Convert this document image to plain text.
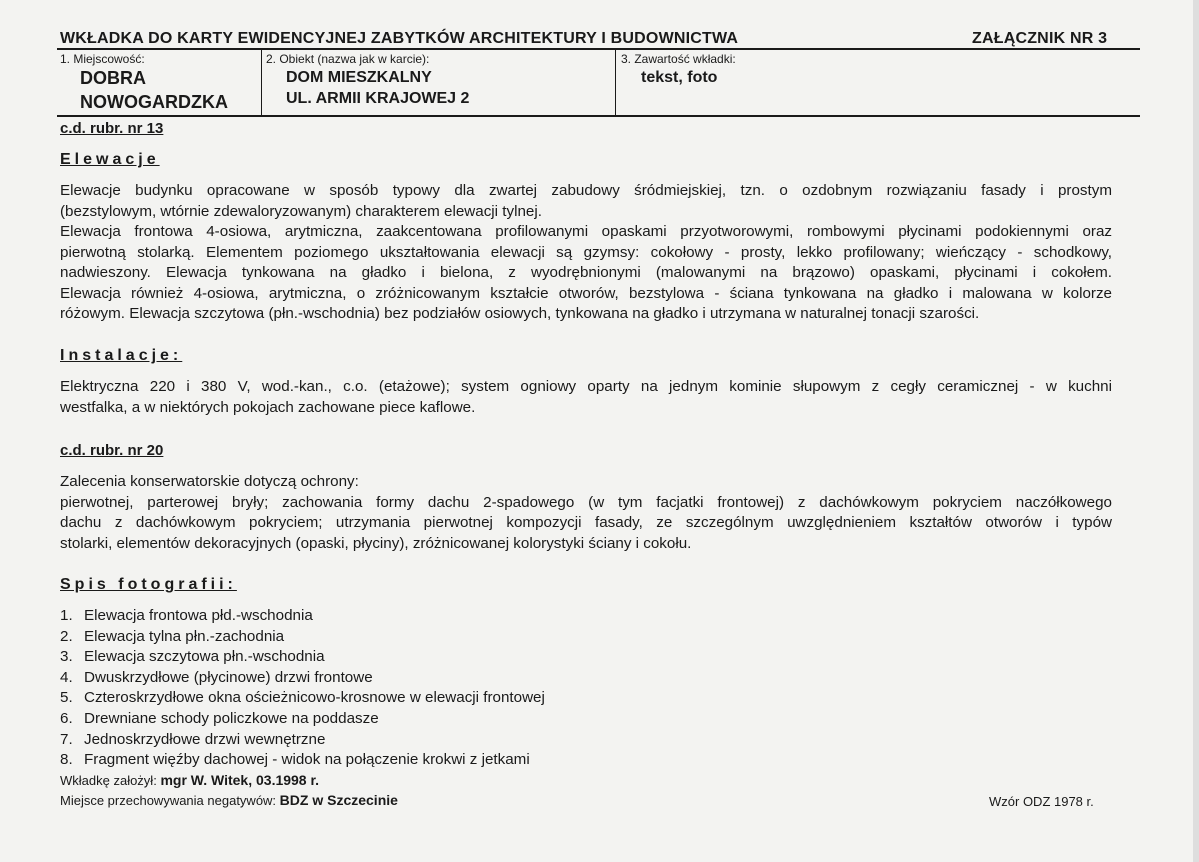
WKŁADKA DO KARTY EWIDENCYJNEJ ZABYTKÓW ARCHITEKTURY I BUDOWNICTWA	ZAŁĄCZNIK NR 3
1. Miejscowość:
DOBRA
NOWOGARDZKA
2. Obiekt (nazwa jak w karcie):
DOM MIESZKALNY
UL. ARMII KRAJOWEJ 2
3. Zawartość wkładki:
tekst, foto
c.d. rubr. nr 13
Elewacje
Elewacje budynku opracowane w sposób typowy dla zwartej zabudowy śródmiejskiej, tzn. o ozdobnym rozwiązaniu fasady i prostym
(bezstylowym, wtórnie zdewaloryzowanym) charakterem elewacji tylnej.
Elewacja frontowa 4-osiowa, arytmiczna, zaakcentowana profilowanymi opaskami przyotworowymi, rombowymi płycinami podokiennymi oraz
pierwotną stolarką. Elementem poziomego ukształtowania elewacji są gzymsy: cokołowy - prosty, lekko profilowany; wieńczący - schodkowy,
nadwieszony. Elewacja tynkowana na gładko i bielona, z wyodrębnionymi (malowanymi na brązowo) opaskami, płycinami i cokołem.
Elewacja również 4-osiowa, arytmiczna, o zróżnicowanym kształcie otworów, bezstylowa - ściana tynkowana na gładko i malowana w kolorze
różowym. Elewacja szczytowa (płn.-wschodnia) bez podziałów osiowych, tynkowana na gładko i utrzymana w naturalnej tonacji szarości.
Instalacje:
Elektryczna 220 i 380 V, wod.-kan., c.o. (etażowe); system ogniowy oparty na jednym kominie słupowym z cegły ceramicznej - w kuchni
westfalka, a w niektórych pokojach zachowane piece kaflowe.
c.d. rubr. nr 20
Zalecenia konserwatorskie dotyczą ochrony:
pierwotnej, parterowej bryły; zachowania formy dachu 2-spadowego (w tym facjatki frontowej) z dachówkowym pokryciem naczółkowego
dachu z dachówkowym pokryciem; utrzymania pierwotnej kompozycji fasady, ze szczególnym uwzględnieniem kształtów otworów i typów
stolarki, elementów dekoracyjnych (opaski, płyciny), zróżnicowanej kolorystyki ściany i cokołu.
Spis fotografii:
1. Elewacja frontowa płd.-wschodnia
2. Elewacja tylna płn.-zachodnia
3. Elewacja szczytowa płn.-wschodnia
4. Dwuskrzydłowe (płycinowe) drzwi frontowe
5. Czteroskrzydłowe okna ościeżnicowo-krosnowe w elewacji frontowej
6. Drewniane schody policzkowe na poddasze
7. Jednoskrzydłowe drzwi wewnętrzne
8. Fragment więźby dachowej - widok na połączenie krokwi z jetkami
Wkładkę założył: mgr W. Witek, 03.1998 r.
Miejsce przechowywania negatywów: BDZ w Szczecinie	Wzór ODZ 1978 r.
